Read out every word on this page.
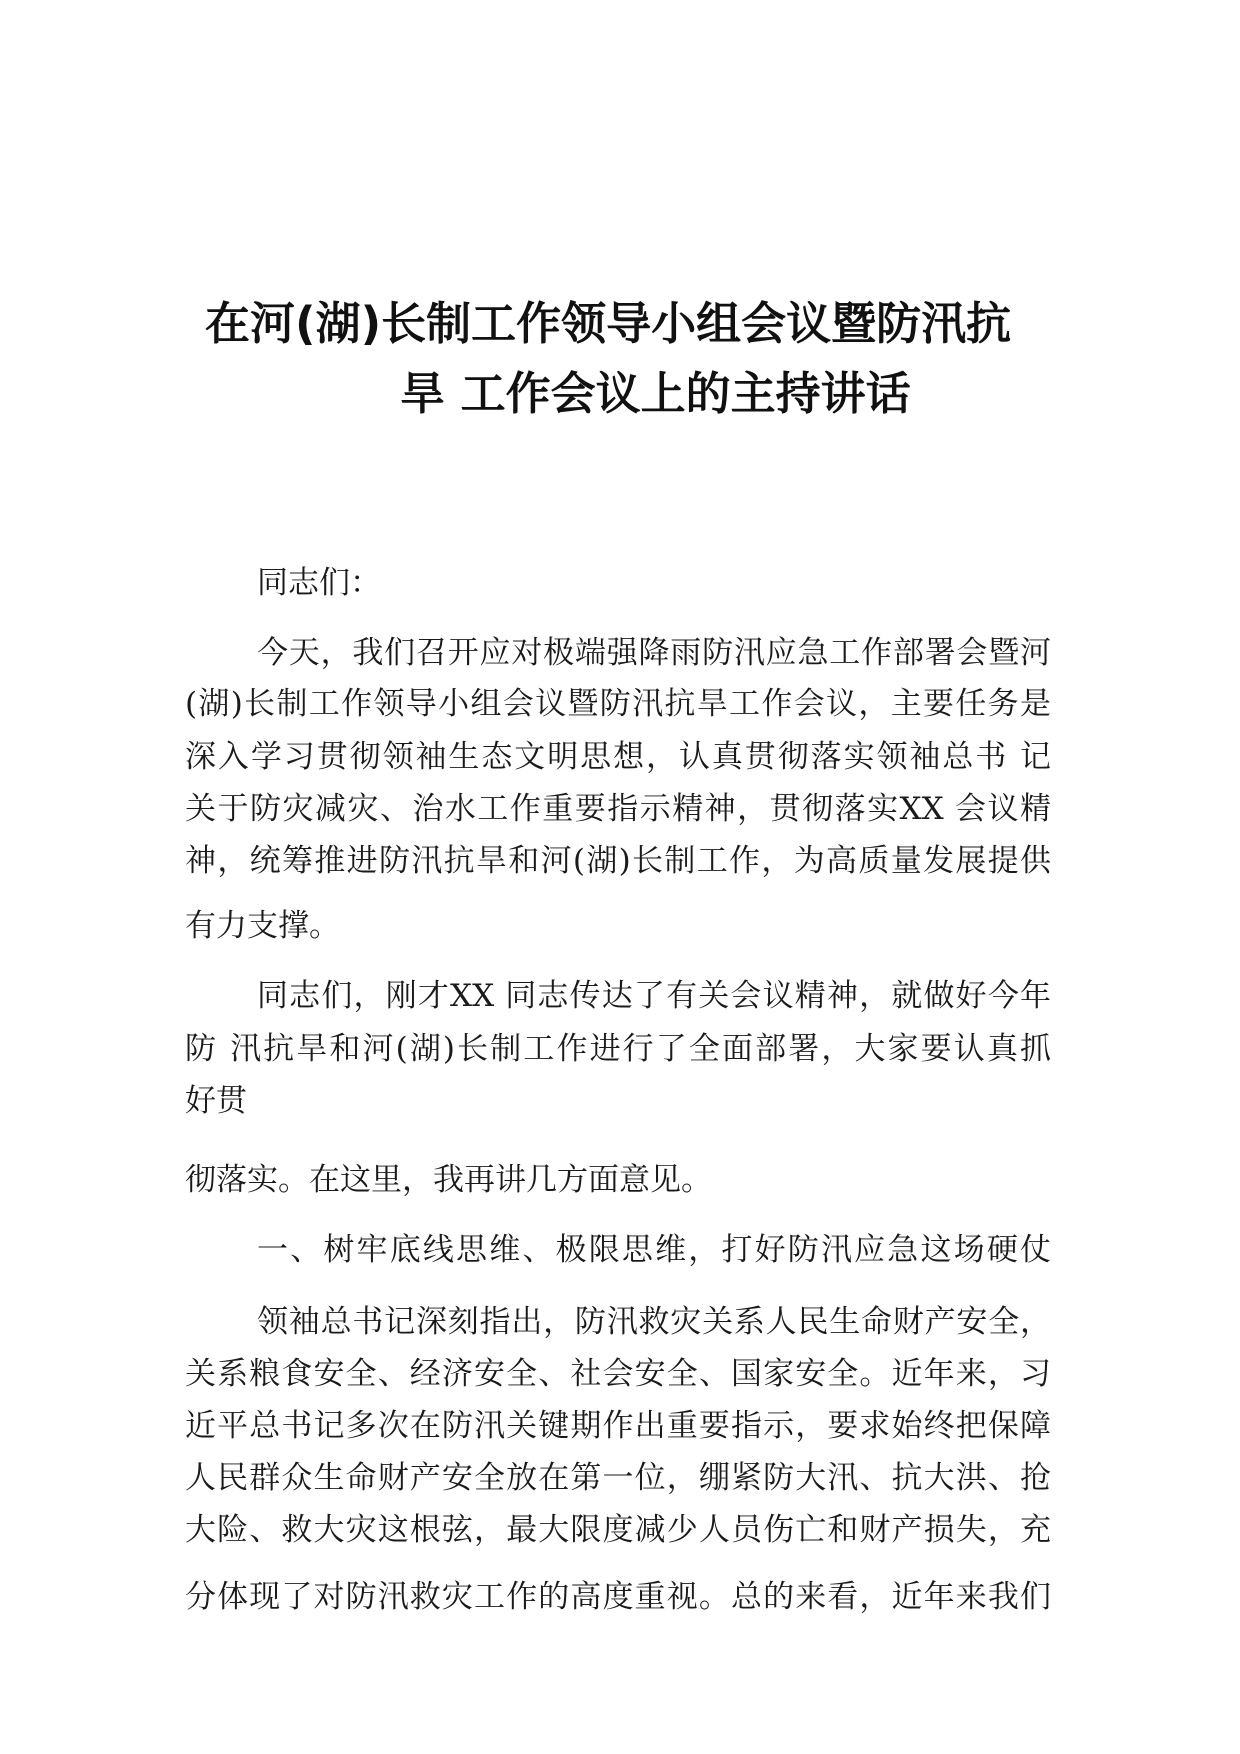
在河(湖)长制工作领导小组会议暨防汛抗
旱 工作会议上的主持讲话
同志们：
今天，我们召开应对极端强降雨防汛应急工作部署会暨河
(湖)长制工作领导小组会议暨防汛抗旱工作会议，主要任务是
深入学习贯彻领袖生态文明思想，认真贯彻落实领袖总书 记
关于防灾减灾、治水工作重要指示精神，贯彻落实XX 会议精
神，统筹推进防汛抗旱和河(湖)长制工作，为高质量发展提供
有力支撑。
同志们，刚才XX 同志传达了有关会议精神，就做好今年
防 汛抗旱和河(湖)长制工作进行了全面部署，大家要认真抓
好贯
彻落实。在这里，我再讲几方面意见。
一、树牢底线思维、极限思维，打好防汛应急这场硬仗
领袖总书记深刻指出，防汛救灾关系人民生命财产安全，
关系粮食安全、经济安全、社会安全、国家安全。近年来，习
近平总书记多次在防汛关键期作出重要指示，要求始终把保障
人民群众生命财产安全放在第一位，绷紧防大汛、抗大洪、抢
大险、救大灾这根弦，最大限度减少人员伤亡和财产损失，充
分体现了对防汛救灾工作的高度重视。总的来看，近年来我们
